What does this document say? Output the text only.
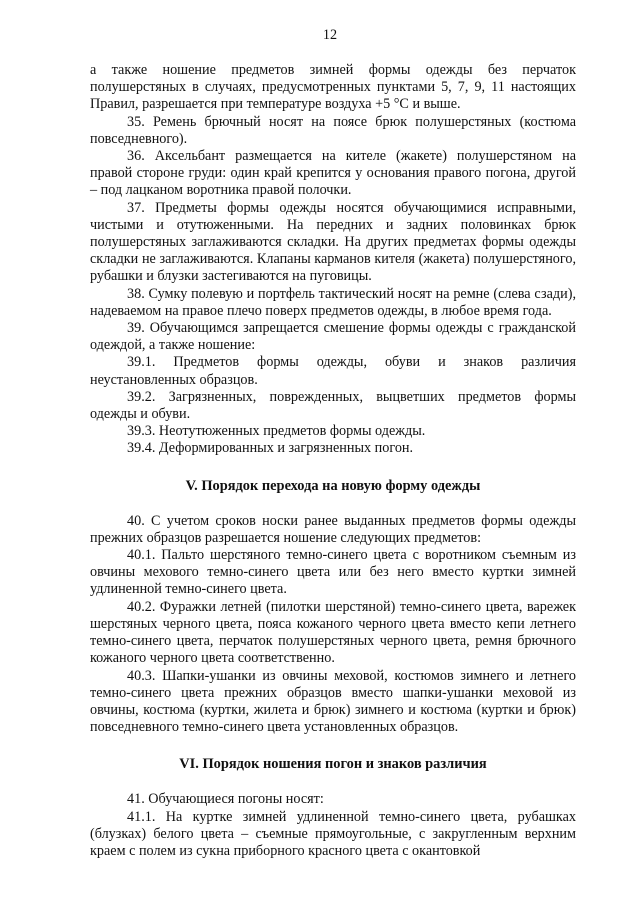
12

а также ношение предметов зимней формы одежды без перчаток полушерстяных в случаях, предусмотренных пунктами 5, 7, 9, 11 настоящих Правил, разрешается при температуре воздуха +5 °C и выше.

35. Ремень брючный носят на поясе брюк полушерстяных (костюма повседневного).

36. Аксельбант размещается на кителе (жакете) полушерстяном на правой стороне груди: один край крепится у основания правого погона, другой – под лацканом воротника правой полочки.

37. Предметы формы одежды носятся обучающимися исправными, чистыми и отутюженными. На передних и задних половинках брюк полушерстяных заглаживаются складки. На других предметах формы одежды складки не заглаживаются. Клапаны карманов кителя (жакета) полушерстяного, рубашки и блузки застегиваются на пуговицы.

38. Сумку полевую и портфель тактический носят на ремне (слева сзади), надеваемом на правое плечо поверх предметов одежды, в любое время года.

39. Обучающимся запрещается смешение формы одежды с гражданской одеждой, а также ношение:

39.1. Предметов формы одежды, обуви и знаков различия неустановленных образцов.

39.2. Загрязненных, поврежденных, выцветших предметов формы одежды и обуви.

39.3. Неотутюженных предметов формы одежды.

39.4. Деформированных и загрязненных погон.

V. Порядок перехода на новую форму одежды

40. С учетом сроков носки ранее выданных предметов формы одежды прежних образцов разрешается ношение следующих предметов:

40.1. Пальто шерстяного темно-синего цвета с воротником съемным из овчины мехового темно-синего цвета или без него вместо куртки зимней удлиненной темно-синего цвета.

40.2. Фуражки летней (пилотки шерстяной) темно-синего цвета, варежек шерстяных черного цвета, пояса кожаного черного цвета вместо кепи летнего темно-синего цвета, перчаток полушерстяных черного цвета, ремня брючного кожаного черного цвета соответственно.

40.3. Шапки-ушанки из овчины меховой, костюмов зимнего и летнего темно-синего цвета прежних образцов вместо шапки-ушанки меховой из овчины, костюма (куртки, жилета и брюк) зимнего и костюма (куртки и брюк) повседневного темно-синего цвета установленных образцов.

VI. Порядок ношения погон и знаков различия

41. Обучающиеся погоны носят:

41.1. На куртке зимней удлиненной темно-синего цвета, рубашках (блузках) белого цвета – съемные прямоугольные, с закругленным верхним краем с полем из сукна приборного красного цвета с окантовкой
